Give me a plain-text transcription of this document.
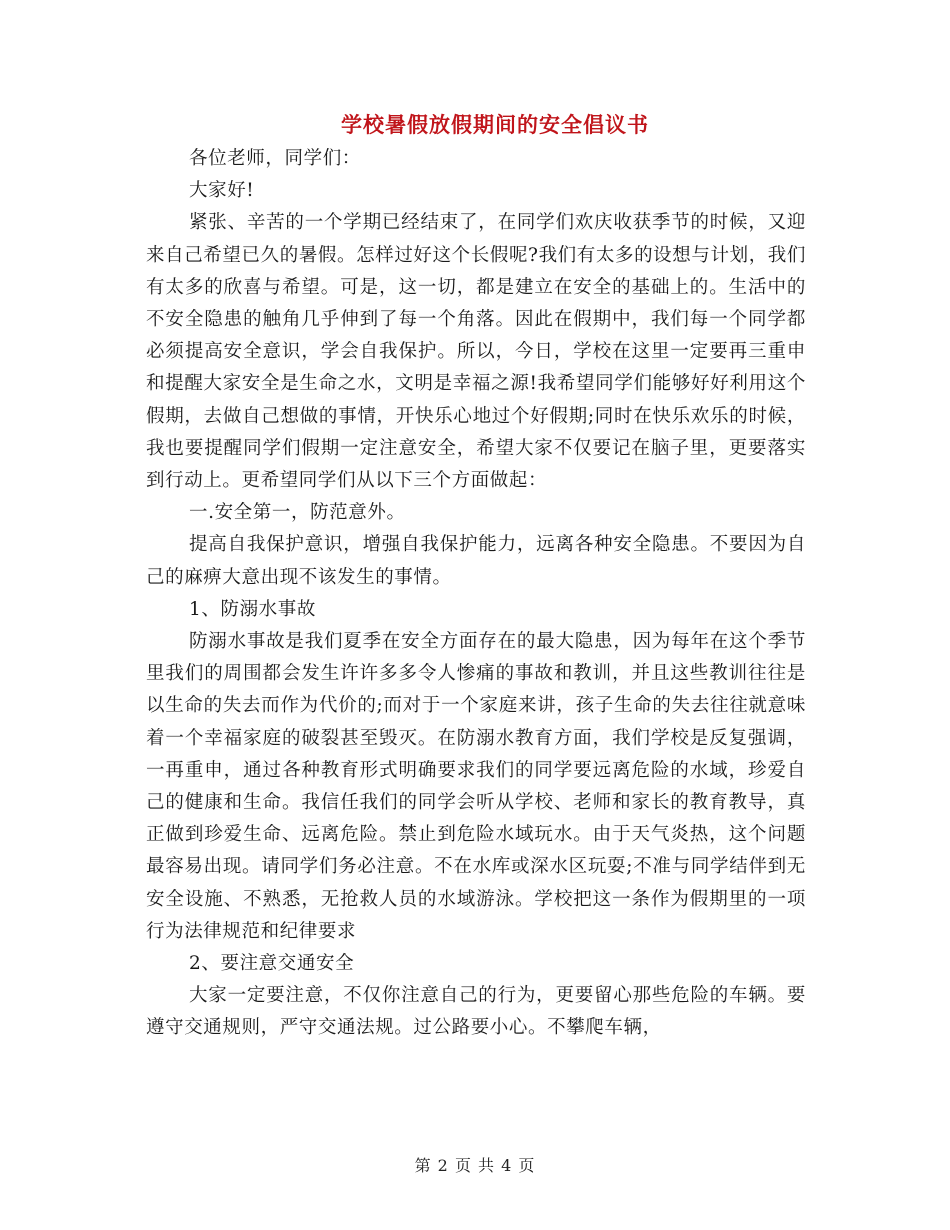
学校暑假放假期间的安全倡议书

各位老师，同学们：

大家好!

紧张、辛苦的一个学期已经结束了，在同学们欢庆收获季节的时候，又迎来自己希望已久的暑假。怎样过好这个长假呢?我们有太多的设想与计划，我们有太多的欣喜与希望。可是，这一切，都是建立在安全的基础上的。生活中的不安全隐患的触角几乎伸到了每一个角落。因此在假期中，我们每一个同学都必须提高安全意识，学会自我保护。所以，今日，学校在这里一定要再三重申和提醒大家安全是生命之水，文明是幸福之源!我希望同学们能够好好利用这个假期，去做自己想做的事情，开快乐心地过个好假期;同时在快乐欢乐的时候，我也要提醒同学们假期一定注意安全，希望大家不仅要记在脑子里，更要落实到行动上。更希望同学们从以下三个方面做起：

一.安全第一，防范意外。

提高自我保护意识，增强自我保护能力，远离各种安全隐患。不要因为自己的麻痹大意出现不该发生的事情。

1、防溺水事故

防溺水事故是我们夏季在安全方面存在的最大隐患，因为每年在这个季节里我们的周围都会发生许许多多令人惨痛的事故和教训，并且这些教训往往是以生命的失去而作为代价的;而对于一个家庭来讲，孩子生命的失去往往就意味着一个幸福家庭的破裂甚至毁灭。在防溺水教育方面，我们学校是反复强调，一再重申，通过各种教育形式明确要求我们的同学要远离危险的水域，珍爱自己的健康和生命。我信任我们的同学会听从学校、老师和家长的教育教导，真正做到珍爱生命、远离危险。禁止到危险水域玩水。由于天气炎热，这个问题最容易出现。请同学们务必注意。不在水库或深水区玩耍;不准与同学结伴到无安全设施、不熟悉，无抢救人员的水域游泳。学校把这一条作为假期里的一项行为法律规范和纪律要求

2、要注意交通安全

大家一定要注意，不仅你注意自己的行为，更要留心那些危险的车辆。要遵守交通规则，严守交通法规。过公路要小心。不攀爬车辆，

第 2 页 共 4 页
